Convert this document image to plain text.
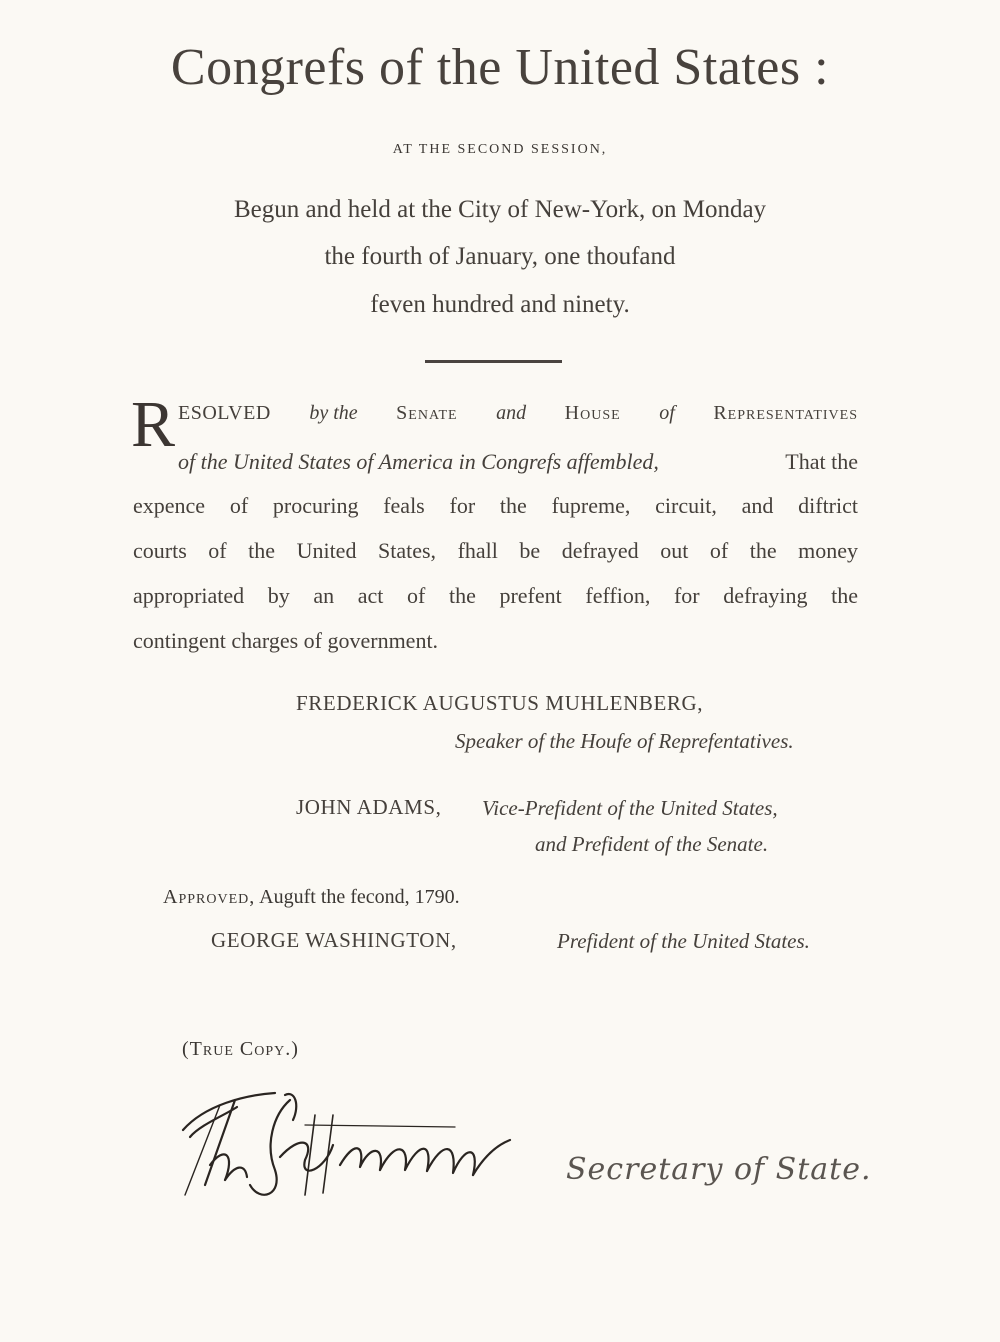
Congrefs of the United States :
AT THE SECOND SESSION,
Begun and held at the City of New-York, on Monday
the fourth of January, one thoufand
feven hundred and ninety.
R ESOLVED by the Senate and House of Representatives
of the United States of America in Congrefs affembled,	That the
expence of procuring feals for the fupreme, circuit, and diftrict
courts of the United States, fhall be defrayed out of the money
appropriated by an act of the prefent feffion, for defraying the
contingent charges of government.
FREDERICK AUGUSTUS MUHLENBERG,
Speaker of the Houfe of Reprefentatives.
JOHN ADAMS, Vice-Prefident of the United States,
and Prefident of the Senate.
Approved, Auguft the fecond, 1790.
GEORGE WASHINGTON,	Prefident of the United States.
(True Copy.)
Secretary of State.
